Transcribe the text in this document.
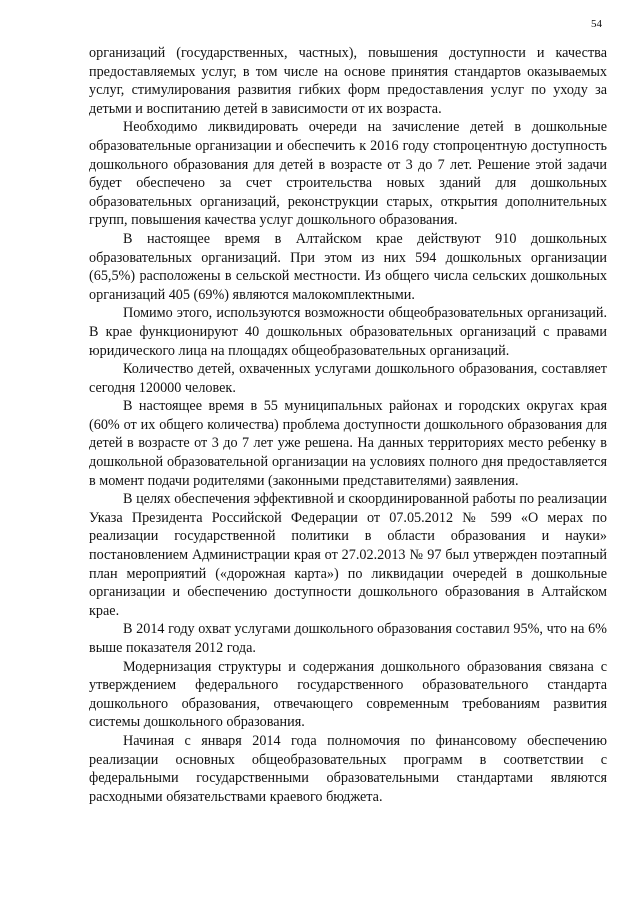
54

организаций (государственных, частных), повышения доступности и качества предоставляемых услуг, в том числе на основе принятия стандартов оказываемых услуг, стимулирования развития гибких форм предоставления услуг по уходу за детьми и воспитанию детей в зависимости от их возраста.

Необходимо ликвидировать очереди на зачисление детей в дошкольные образовательные организации и обеспечить к 2016 году стопроцентную доступность дошкольного образования для детей в возрасте от 3 до 7 лет. Решение этой задачи будет обеспечено за счет строительства новых зданий для дошкольных образовательных организаций, реконструкции старых, открытия дополнительных групп, повышения качества услуг дошкольного образования.

В настоящее время в Алтайском крае действуют 910 дошкольных образовательных организаций. При этом из них 594 дошкольных организации (65,5%) расположены в сельской местности. Из общего числа сельских дошкольных организаций 405 (69%) являются малокомплектными.

Помимо этого, используются возможности общеобразовательных организаций. В крае функционируют 40 дошкольных образовательных организаций с правами юридического лица на площадях общеобразовательных организаций.

Количество детей, охваченных услугами дошкольного образования, составляет сегодня 120000 человек.

В настоящее время в 55 муниципальных районах и городских округах края (60% от их общего количества) проблема доступности дошкольного образования для детей в возрасте от 3 до 7 лет уже решена. На данных территориях место ребенку в дошкольной образовательной организации на условиях полного дня предоставляется в момент подачи родителями (законными представителями) заявления.

В целях обеспечения эффективной и скоординированной работы по реализации Указа Президента Российской Федерации от 07.05.2012 № 599 «О мерах по реализации государственной политики в области образования и науки» постановлением Администрации края от 27.02.2013 № 97 был утвержден поэтапный план мероприятий («дорожная карта») по ликвидации очередей в дошкольные организации и обеспечению доступности дошкольного образования в Алтайском крае.

В 2014 году охват услугами дошкольного образования составил 95%, что на 6% выше показателя 2012 года.

Модернизация структуры и содержания дошкольного образования связана с утверждением федерального государственного образовательного стандарта дошкольного образования, отвечающего современным требованиям развития системы дошкольного образования.

Начиная с января 2014 года полномочия по финансовому обеспечению реализации основных общеобразовательных программ в соответствии с федеральными государственными образовательными стандартами являются расходными обязательствами краевого бюджета.
